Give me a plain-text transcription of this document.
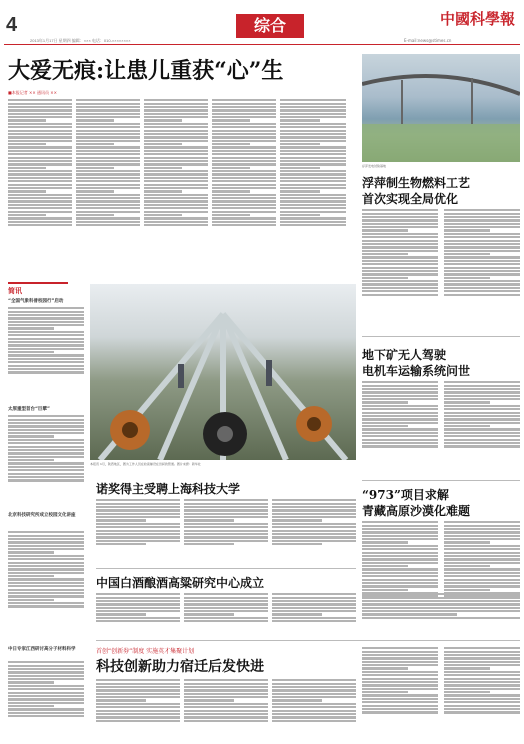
4
2013年1月17日 星期四 编辑：××× 电话：010-××××××××
综合	中國科學報
E-mail:news@stimes.cn
大爱无痕:让患儿重获“心”生
■本报记者 ×× 通讯员 ××
浮萍发电试验基地
浮萍制生物燃料工艺
首次实现全局优化
地下矿无人驾驶
电机车运输系统问世
“973”项目求解
青藏高原沙漠化难题
简讯
“全国气象科普校园行”启动
太原重型首台“巨擘”
北京科技研究所成立校园文化讲座
中日专家江西研讨高分子材料科学
本报讯 1月，陕西地区，图为工作人员在检查铺设在田间的管道。图片来源：新华社
诺奖得主受聘上海科技大学
中国白酒酿酒高粱研究中心成立
首创“创新券”制度 实施英才集聚计划
科技创新助力宿迁后发快进
